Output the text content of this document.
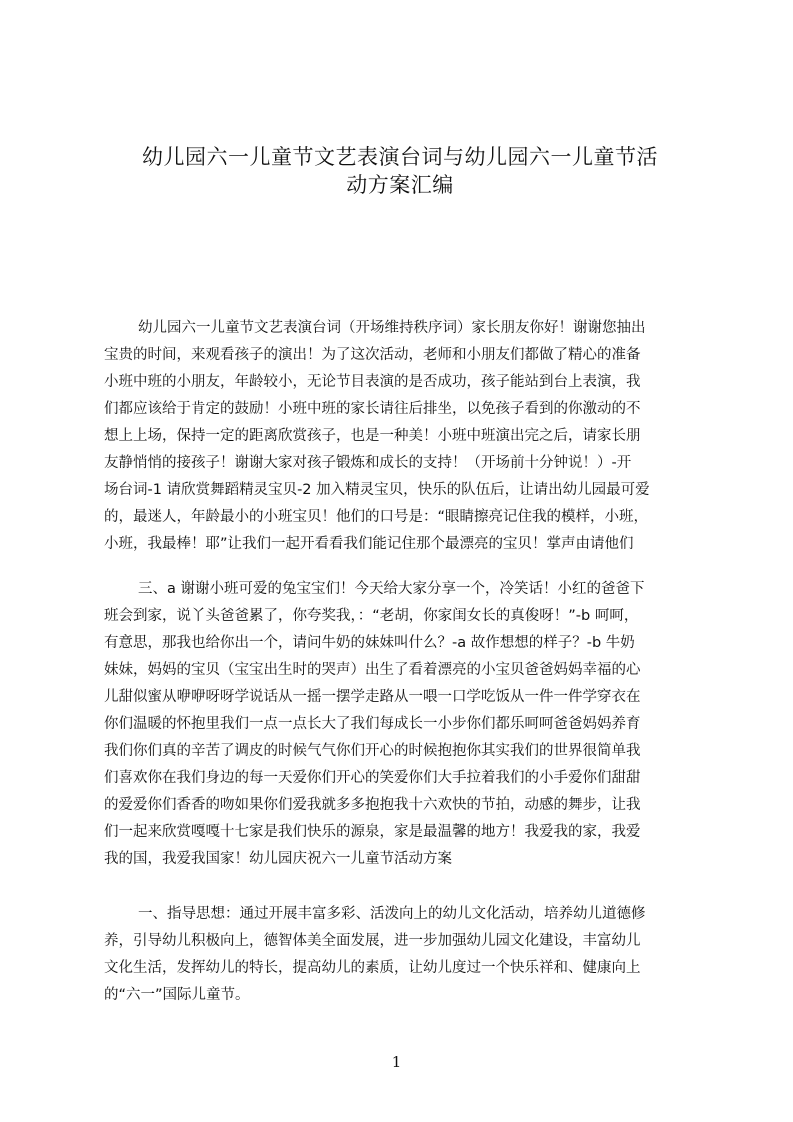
幼儿园六一儿童节文艺表演台词与幼儿园六一儿童节活
动方案汇编
幼儿园六一儿童节文艺表演台词（开场维持秩序词）家长朋友你好！谢谢您抽出
宝贵的时间，来观看孩子的演出！为了这次活动，老师和小朋友们都做了精心的准备
小班中班的小朋友，年龄较小，无论节目表演的是否成功，孩子能站到台上表演，我
们都应该给于肯定的鼓励！小班中班的家长请往后排坐，以免孩子看到的你激动的不
想上上场，保持一定的距离欣赏孩子，也是一种美！小班中班演出完之后，请家长朋
友静悄悄的接孩子！谢谢大家对孩子锻炼和成长的支持！（开场前十分钟说！）-开
场台词-1 请欣赏舞蹈精灵宝贝-2 加入精灵宝贝，快乐的队伍后，让请出幼儿园最可爱
的，最迷人，年龄最小的小班宝贝！他们的口号是：“眼睛擦亮记住我的模样，小班，
小班，我最棒！耶”让我们一起开看看我们能记住那个最漂亮的宝贝！掌声由请他们
三、a 谢谢小班可爱的兔宝宝们！今天给大家分享一个，冷笑话！小红的爸爸下
班会到家，说丫头爸爸累了，你夸奖我，：“老胡，你家闺女长的真俊呀！”-b 呵呵，
有意思，那我也给你出一个，请问牛奶的妹妹叫什么？-a 故作想想的样子？-b 牛奶
妹妹，妈妈的宝贝（宝宝出生时的哭声）出生了看着漂亮的小宝贝爸爸妈妈幸福的心
儿甜似蜜从咿咿呀呀学说话从一摇一摆学走路从一喂一口学吃饭从一件一件学穿衣在
你们温暖的怀抱里我们一点一点长大了我们每成长一小步你们都乐呵呵爸爸妈妈养育
我们你们真的辛苦了调皮的时候气气你们开心的时候抱抱你其实我们的世界很简单我
们喜欢你在我们身边的每一天爱你们开心的笑爱你们大手拉着我们的小手爱你们甜甜
的爱爱你们香香的吻如果你们爱我就多多抱抱我十六欢快的节拍，动感的舞步，让我
们一起来欣赏嘎嘎十七家是我们快乐的源泉，家是最温馨的地方！我爱我的家，我爱
我的国，我爱我国家！幼儿园庆祝六一儿童节活动方案
一、指导思想：通过开展丰富多彩、活泼向上的幼儿文化活动，培养幼儿道德修
养，引导幼儿积极向上，德智体美全面发展，进一步加强幼儿园文化建设，丰富幼儿
文化生活，发挥幼儿的特长，提高幼儿的素质，让幼儿度过一个快乐祥和、健康向上
的“六一”国际儿童节。
1
